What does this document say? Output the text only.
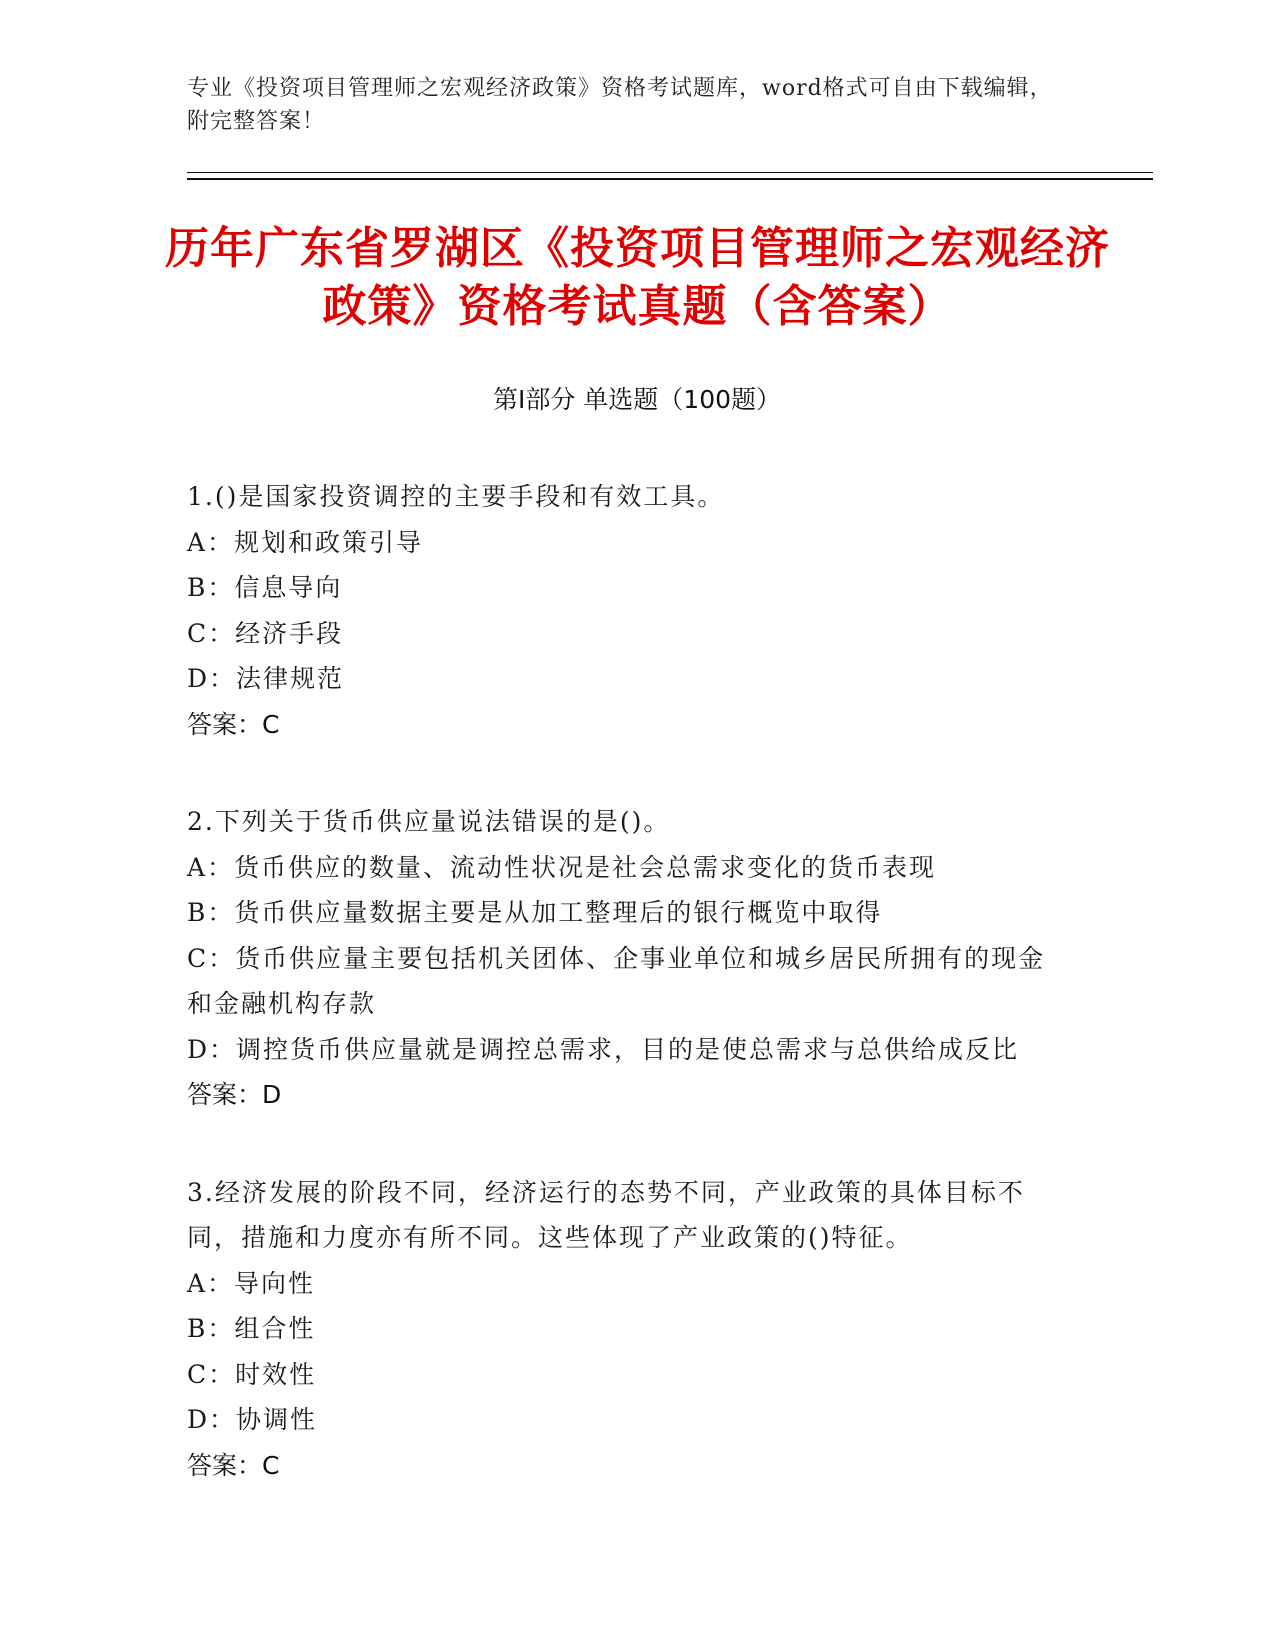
专业《投资项目管理师之宏观经济政策》资格考试题库，word格式可自由下载编辑，附完整答案！
历年广东省罗湖区《投资项目管理师之宏观经济政策》资格考试真题（含答案）
第Ⅰ部分 单选题（100题）
1.()是国家投资调控的主要手段和有效工具。
A：规划和政策引导
B：信息导向
C：经济手段
D：法律规范
答案：C
2.下列关于货币供应量说法错误的是()。
A：货币供应的数量、流动性状况是社会总需求变化的货币表现
B：货币供应量数据主要是从加工整理后的银行概览中取得
C：货币供应量主要包括机关团体、企事业单位和城乡居民所拥有的现金和金融机构存款
D：调控货币供应量就是调控总需求，目的是使总需求与总供给成反比
答案：D
3.经济发展的阶段不同，经济运行的态势不同，产业政策的具体目标不同，措施和力度亦有所不同。这些体现了产业政策的()特征。
A：导向性
B：组合性
C：时效性
D：协调性
答案：C
